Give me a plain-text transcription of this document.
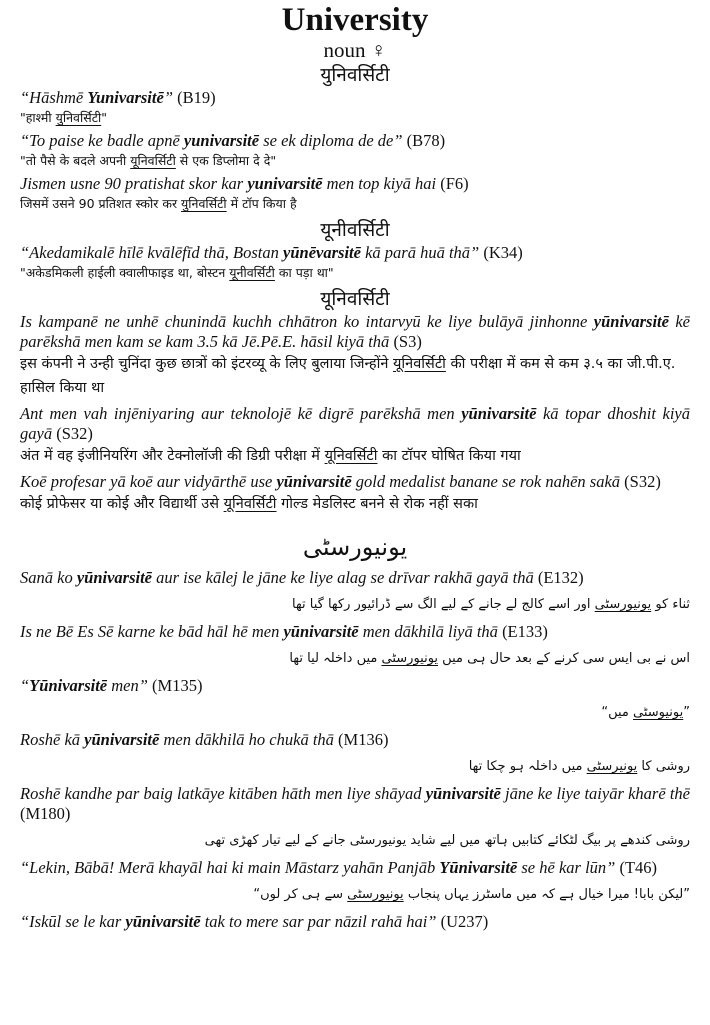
University
noun ♀
युनिवर्सिटी

“Hāshmē Yunivarsitē” (B19)

"हाश्मी युनिवर्सिटी"

“To paise ke badle apnē yunivarsitē se ek diploma de de” (B78)

"तो पैसे के बदले अपनी यूनिवर्सिटी से एक डिप्लोमा दे दे"

Jismen usne 90 pratishat skor kar yunivarsitē men top kiyā hai (F6)

जिसमें उसने 90 प्रतिशत स्कोर कर युनिवर्सिटी में टॉप किया है

यूनीवर्सिटी

“Akedamikalē hīlē kvālēfīd thā, Bostan yūnēvarsitē kā parā huā thā” (K34)

"अकेडमिकली हाईली क्वालीफाइड था, बोस्टन यूनीवर्सिटी का पड़ा था"

यूनिवर्सिटी

Is kampanē ne unhē chunindā kuchh chhātron ko intarvyū ke liye bulāyā jinhonne yūnivarsitē kē parēkshā men kam se kam 3.5 kā Jē.Pē.E. hāsil kiyā thā (S3)

इस कंपनी ने उन्ही चुनिंदा कुछ छात्रों को इंटरव्यू के लिए बुलाया जिन्होंने यूनिवर्सिटी की परीक्षा में कम से कम ३.५ का जी.पी.ए. हासिल किया था

Ant men vah injēniyaring aur teknolojē kē digrē parēkshā men yūnivarsitē kā topar dhoshit kiyā gayā (S32)

अंत में वह इंजीनियरिंग और टेक्नोलॉजी की डिग्री परीक्षा में यूनिवर्सिटी का टॉपर घोषित किया गया

Koē profesar yā koē aur vidyārthē use yūnivarsitē gold medalist banane se rok nahēn sakā (S32)

कोई प्रोफेसर या कोई और विद्यार्थी उसे यूनिवर्सिटी गोल्ड मेडलिस्ट बनने से रोक नहीं सका

یونیورسٹی

Sanā ko yūnivarsitē aur ise kālej le jāne ke liye alag se drīvar rakhā gayā thā (E132)

ثناء کو یونیورسٹی اور اسے کالج لے جانے کے لیے الگ سے ڈرائیور رکھا گیا تھا

Is ne Bē Es Sē karne ke bād hāl hē men yūnivarsitē men dākhilā liyā thā (E133)

اس نے بی ایس سی کرنے کے بعد حال ہی میں یونیورسٹی میں داخلہ لیا تھا

“Yūnivarsitē men” (M135)

”یونیوسٹی میں“

Roshē kā yūnivarsitē men dākhilā ho chukā thā (M136)

روشی کا یونیرسٹی میں داخلہ ہو چکا تھا

Roshē kandhe par baig latkāye kitāben hāth men liye shāyad yūnivarsitē jāne ke liye taiyār kharē thē (M180)

روشی کندھے پر بیگ لٹکائے کتابیں ہاتھ میں لیے شاید یونیورسٹی جانے کے لیے تیار کھڑی تھی

“Lekin, Bābā! Merā khayāl hai ki main Māstarz yahān Panjāb Yūnivarsitē se hē kar lūn” (T46)

”لیکن بابا! میرا خیال ہے کہ میں ماسٹرز یہاں پنجاب یونیورسٹی سے ہی کر لوں“

“Iskūl se le kar yūnivarsitē tak to mere sar par nāzil rahā hai” (U237)
